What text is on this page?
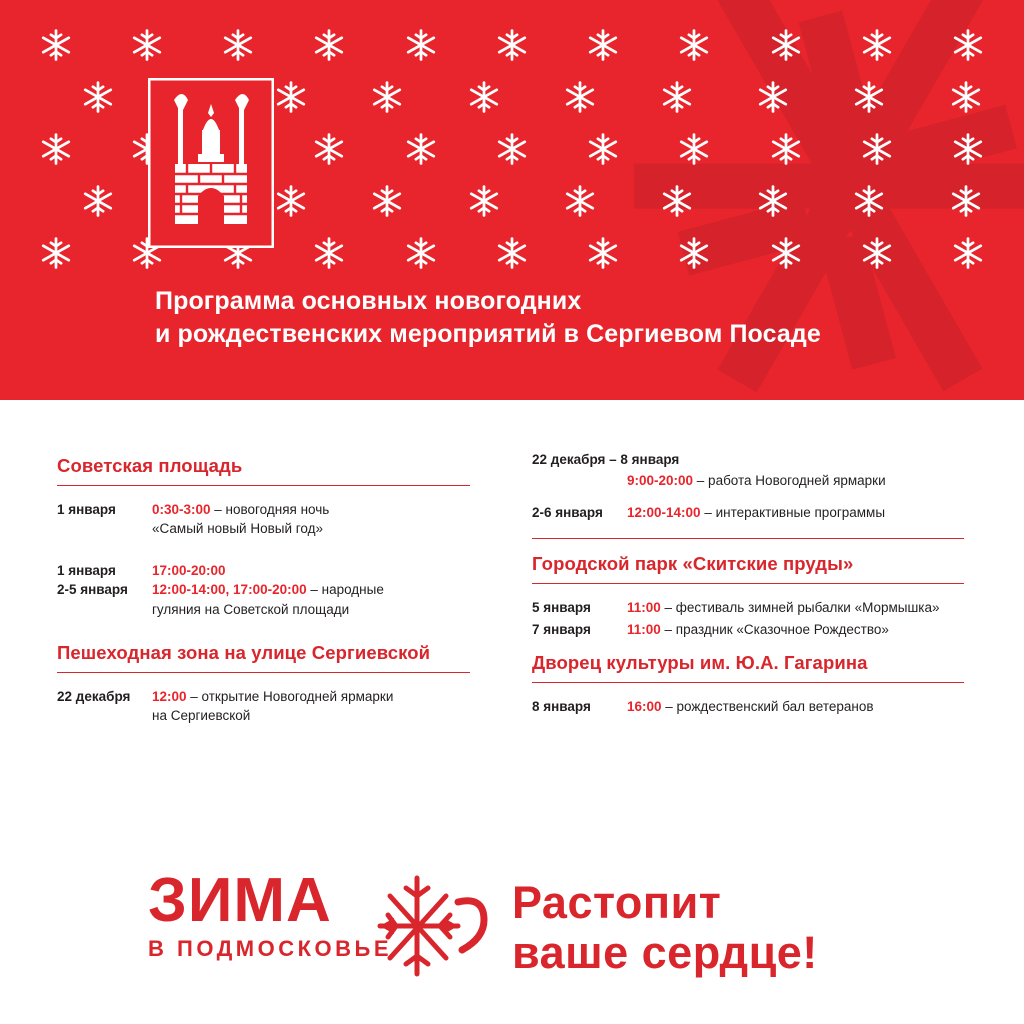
Программа основных новогодних
и рождественских мероприятий в Сергиевом Посаде
Советская площадь
1 января	0:30-3:00 – новогодняя ночь
«Самый новый Новый год»
1 января	17:00-20:00
2-5 января	12:00-14:00, 17:00-20:00 – народные
гуляния на Советской площади
Пешеходная зона на улице Сергиевской
22 декабря	12:00 – открытие Новогодней ярмарки
на Сергиевской
22 декабря – 8 января
9:00-20:00 – работа Новогодней ярмарки
2-6 января	12:00-14:00 – интерактивные программы
Городской парк «Скитские пруды»
5 января	11:00 – фестиваль зимней рыбалки «Мормышка»
7 января	11:00 – праздник «Сказочное Рождество»
Дворец культуры им. Ю.А. Гагарина
8 января	16:00 – рождественский бал ветеранов
ЗИМА
В ПОДМОСКОВЬЕ
Растопит
ваше сердце!
